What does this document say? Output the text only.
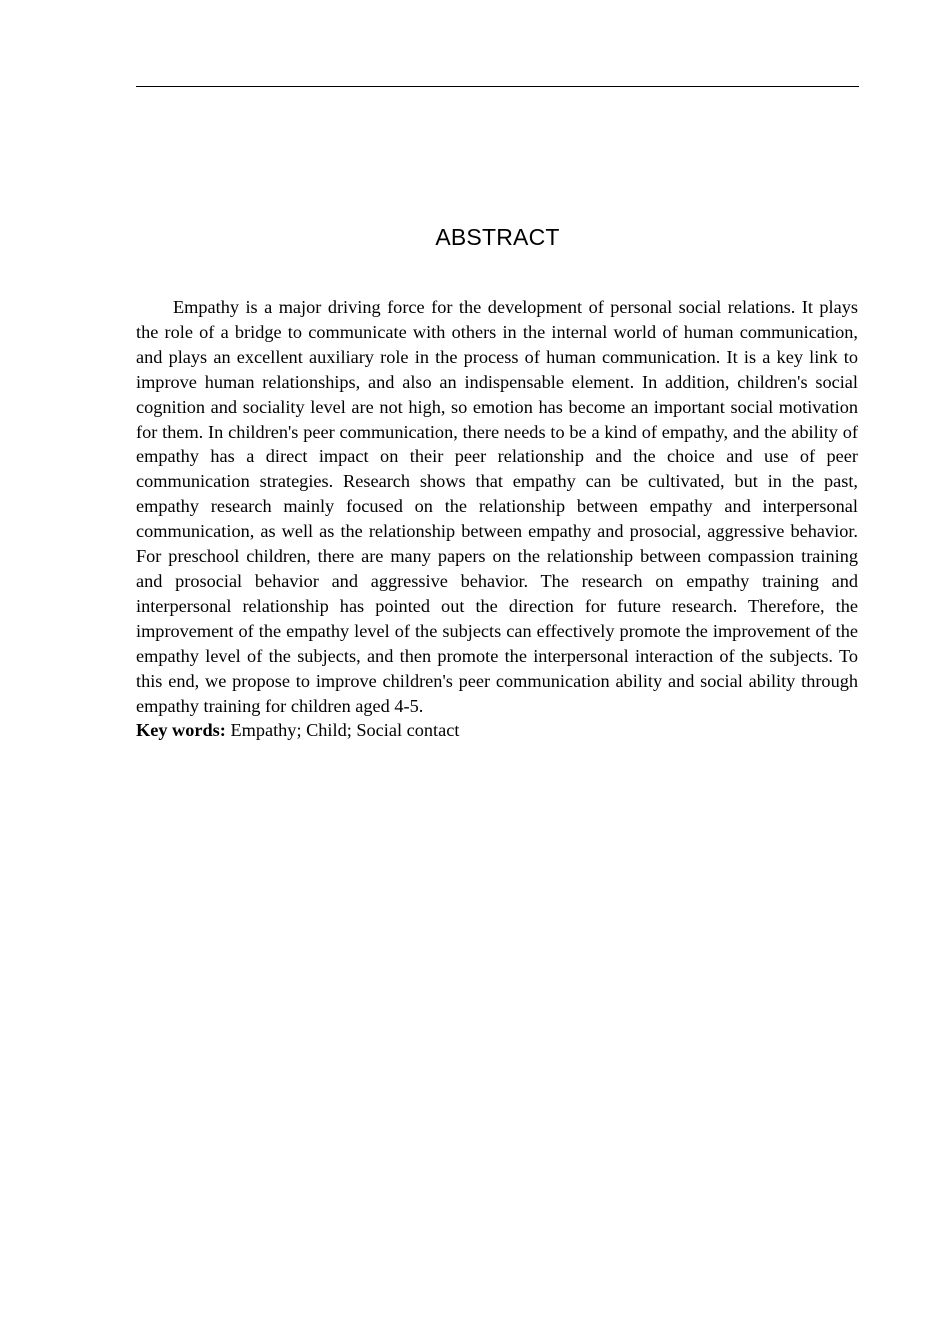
ABSTRACT

Empathy is a major driving force for the development of personal social relations. It plays the role of a bridge to communicate with others in the internal world of human communication, and plays an excellent auxiliary role in the process of human communication. It is a key link to improve human relationships, and also an indispensable element. In addition, children's social cognition and sociality level are not high, so emotion has become an important social motivation for them. In children's peer communication, there needs to be a kind of empathy, and the ability of empathy has a direct impact on their peer relationship and the choice and use of peer communication strategies. Research shows that empathy can be cultivated, but in the past, empathy research mainly focused on the relationship between empathy and interpersonal communication, as well as the relationship between empathy and prosocial, aggressive behavior. For preschool children, there are many papers on the relationship between compassion training and prosocial behavior and aggressive behavior. The research on empathy training and interpersonal relationship has pointed out the direction for future research. Therefore, the improvement of the empathy level of the subjects can effectively promote the improvement of the empathy level of the subjects, and then promote the interpersonal interaction of the subjects. To this end, we propose to improve children's peer communication ability and social ability through empathy training for children aged 4-5.

Key words: Empathy; Child; Social contact
